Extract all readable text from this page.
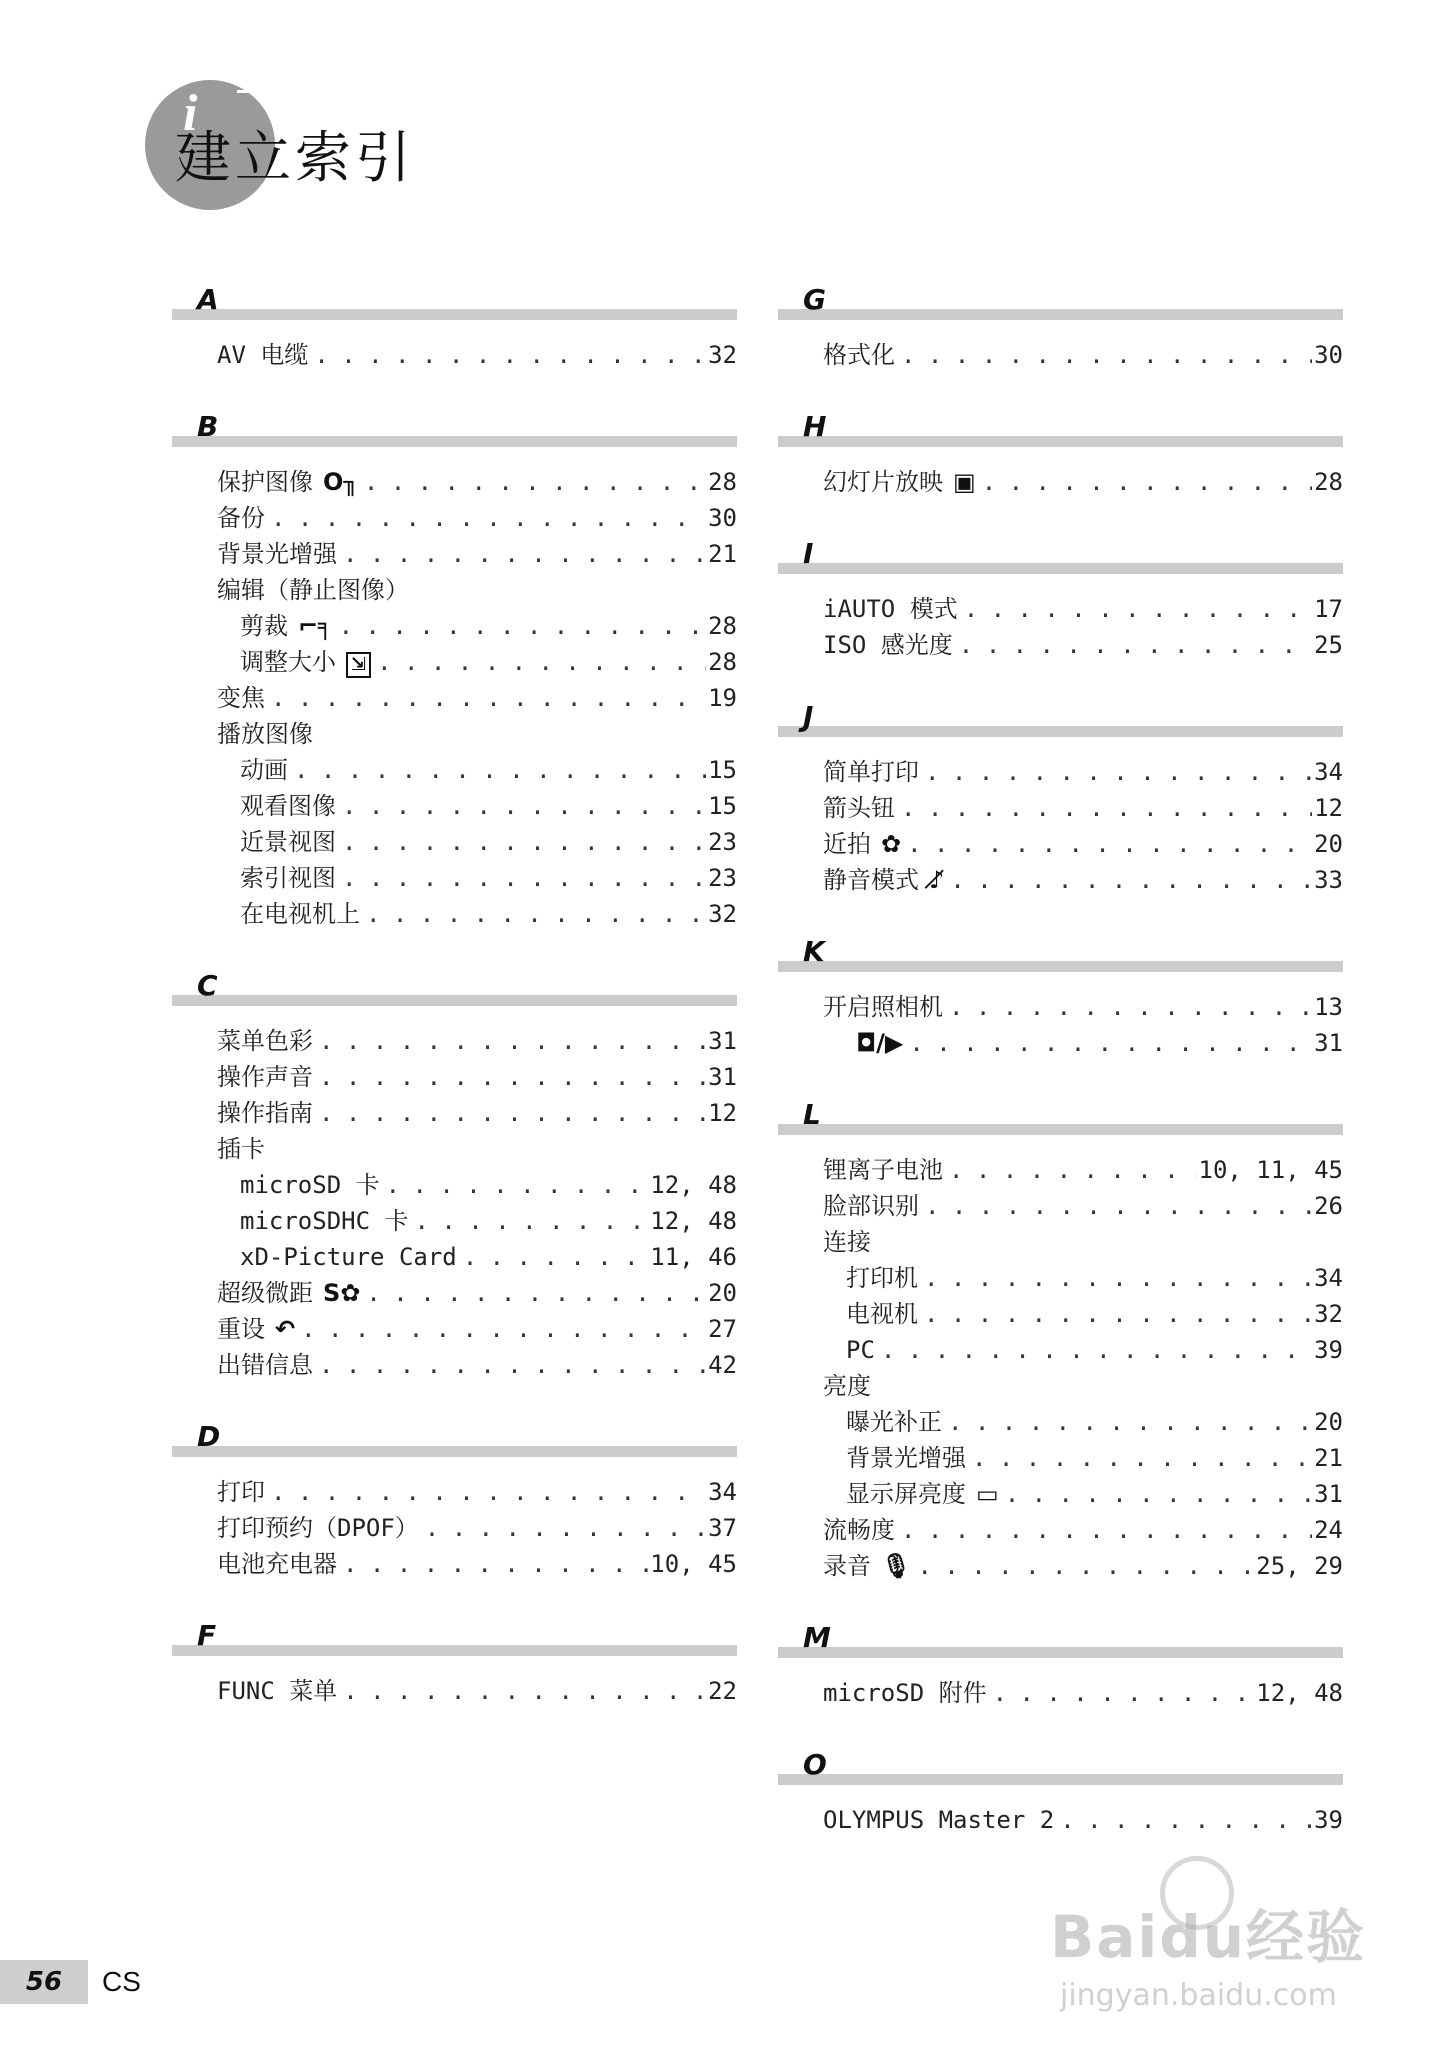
i
建立索引
A
AV 电缆 . . .	32
B
保护图像 O╖ . . .	28
备份 . . .	30
背景光增强 . . .	21
编辑（静止图像）
剪裁 ⌐╕ . . .	28
调整大小 ⇲ . . .	28
变焦 . . .	19
播放图像
动画 . . .	15
观看图像 . . .	15
近景视图 . . .	23
索引视图 . . .	23
在电视机上 . . .	32
C
菜单色彩 . . .	31
操作声音 . . .	31
操作指南 . . .	12
插卡
microSD 卡 . . .	12, 48
microSDHC 卡 . . .	12, 48
xD-Picture Card . . .	11, 46
超级微距 S✿ . . .	20
重设 ↶ . . .	27
出错信息 . . .	42
D
打印 . . .	34
打印预约（DPOF） . . .	37
电池充电器 . . .	10, 45
F
FUNC 菜单 . . .	22
G
格式化 . . .	30
H
幻灯片放映 ▣ . . .	28
I
iAUTO 模式 . . .	17
ISO 感光度 . . .	25
J
简单打印 . . .	34
箭头钮 . . .	12
近拍 ✿ . . .	20
静音模式 ♪̸ . . .	33
K
开启照相机 . . .	13
◘/▶ . . .	31
L
锂离子电池 . . .	10, 11, 45
脸部识别 . . .	26
连接
打印机 . . .	34
电视机 . . .	32
PC . . .	39
亮度
曝光补正 . . .	20
背景光增强 . . .	21
显示屏亮度 ▭ . . .	31
流畅度 . . .	24
录音 🎙 . . .	25, 29
M
microSD 附件 . . .	12, 48
O
OLYMPUS Master 2 . . .	39
56	CS
Baidu经验
jingyan.baidu.com
